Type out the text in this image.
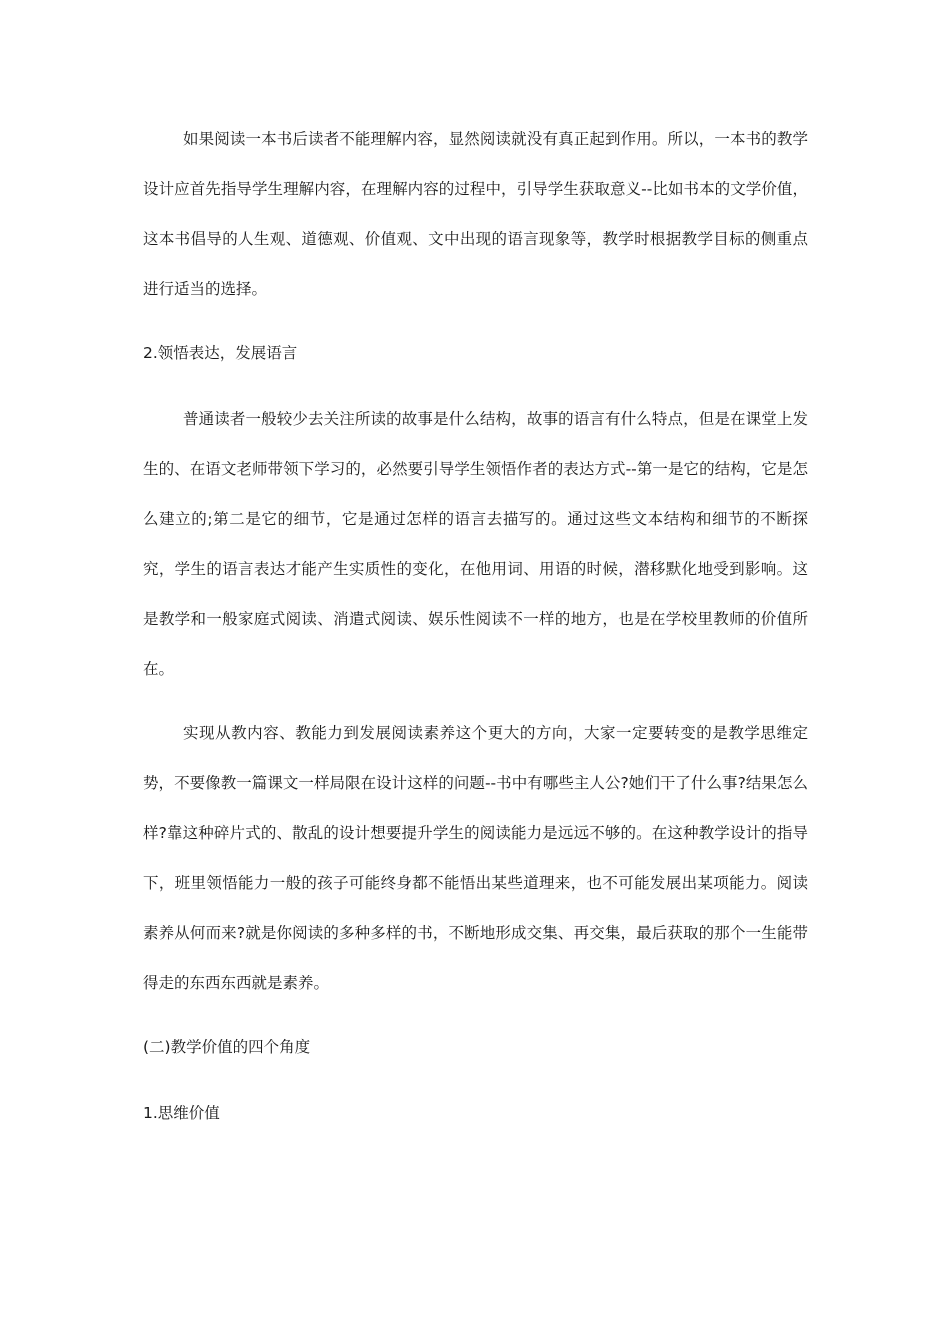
如果阅读一本书后读者不能理解内容，显然阅读就没有真正起到作用。所以，一本书的教学设计应首先指导学生理解内容，在理解内容的过程中，引导学生获取意义--比如书本的文学价值，这本书倡导的人生观、道德观、价值观、文中出现的语言现象等，教学时根据教学目标的侧重点进行适当的选择。

2.领悟表达，发展语言

普通读者一般较少去关注所读的故事是什么结构，故事的语言有什么特点，但是在课堂上发生的、在语文老师带领下学习的，必然要引导学生领悟作者的表达方式--第一是它的结构，它是怎么建立的;第二是它的细节，它是通过怎样的语言去描写的。通过这些文本结构和细节的不断探究，学生的语言表达才能产生实质性的变化，在他用词、用语的时候，潜移默化地受到影响。这是教学和一般家庭式阅读、消遣式阅读、娱乐性阅读不一样的地方，也是在学校里教师的价值所在。

实现从教内容、教能力到发展阅读素养这个更大的方向，大家一定要转变的是教学思维定势，不要像教一篇课文一样局限在设计这样的问题--书中有哪些主人公?她们干了什么事?结果怎么样?靠这种碎片式的、散乱的设计想要提升学生的阅读能力是远远不够的。在这种教学设计的指导下，班里领悟能力一般的孩子可能终身都不能悟出某些道理来，也不可能发展出某项能力。阅读素养从何而来?就是你阅读的多种多样的书，不断地形成交集、再交集，最后获取的那个一生能带得走的东西东西就是素养。

(二)教学价值的四个角度

1.思维价值
